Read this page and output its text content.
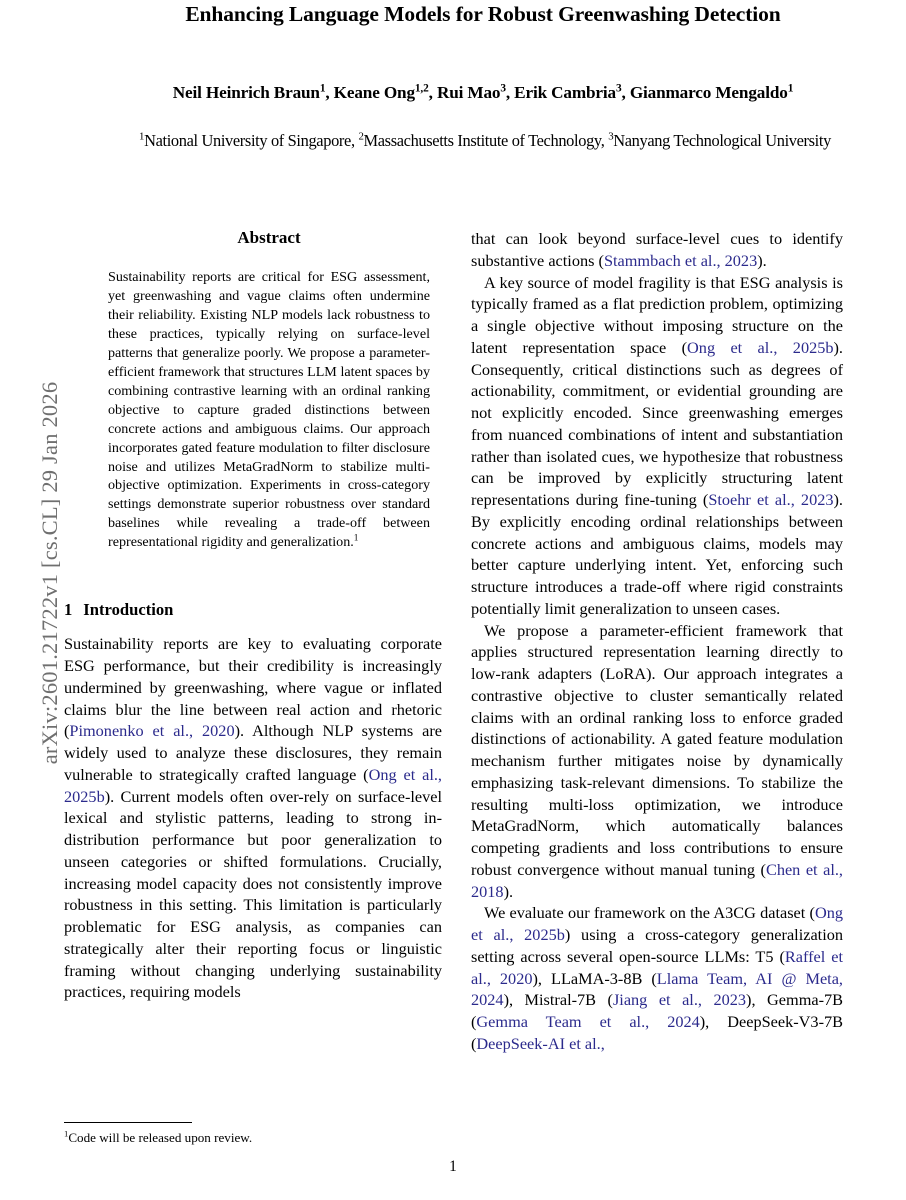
arXiv:2601.21722v1 [cs.CL] 29 Jan 2026
Enhancing Language Models for Robust Greenwashing Detection
Neil Heinrich Braun$^1$, Keane Ong$^{1,2}$, Rui Mao$^3$, Erik Cambria$^3$, Gianmarco Mengaldo$^1$
$^1$National University of Singapore, $^2$Massachusetts Institute of Technology, $^3$Nanyang Technological University
Abstract

Sustainability reports are critical for ESG assessment, yet greenwashing and vague claims often undermine their reliability. Existing NLP models lack robustness to these practices, typically relying on surface-level patterns that generalize poorly. We propose a parameter-efficient framework that structures LLM latent spaces by combining contrastive learning with an ordinal ranking objective to capture graded distinctions between concrete actions and ambiguous claims. Our approach incorporates gated feature modulation to filter disclosure noise and utilizes MetaGradNorm to stabilize multi-objective optimization. Experiments in cross-category settings demonstrate superior robustness over standard baselines while revealing a trade-off between representational rigidity and generalization.$^1$

1 Introduction

Sustainability reports are key to evaluating corporate ESG performance, but their credibility is increasingly undermined by greenwashing, where vague or inflated claims blur the line between real action and rhetoric (Pimonenko et al., 2020). Although NLP systems are widely used to analyze these disclosures, they remain vulnerable to strategically crafted language (Ong et al., 2025b). Current models often over-rely on surface-level lexical and stylistic patterns, leading to strong in-distribution performance but poor generalization to unseen categories or shifted formulations. Crucially, increasing model capacity does not consistently improve robustness in this setting. This limitation is particularly problematic for ESG analysis, as companies can strategically alter their reporting focus or linguistic framing without changing underlying sustainability practices, requiring models

that can look beyond surface-level cues to identify substantive actions (Stammbach et al., 2023).

A key source of model fragility is that ESG analysis is typically framed as a flat prediction problem, optimizing a single objective without imposing structure on the latent representation space (Ong et al., 2025b). Consequently, critical distinctions such as degrees of actionability, commitment, or evidential grounding are not explicitly encoded. Since greenwashing emerges from nuanced combinations of intent and substantiation rather than isolated cues, we hypothesize that robustness can be improved by explicitly structuring latent representations during fine-tuning (Stoehr et al., 2023). By explicitly encoding ordinal relationships between concrete actions and ambiguous claims, models may better capture underlying intent. Yet, enforcing such structure introduces a trade-off where rigid constraints potentially limit generalization to unseen cases.

We propose a parameter-efficient framework that applies structured representation learning directly to low-rank adapters (LoRA). Our approach integrates a contrastive objective to cluster semantically related claims with an ordinal ranking loss to enforce graded distinctions of actionability. A gated feature modulation mechanism further mitigates noise by dynamically emphasizing task-relevant dimensions. To stabilize the resulting multi-loss optimization, we introduce MetaGradNorm, which automatically balances competing gradients and loss contributions to ensure robust convergence without manual tuning (Chen et al., 2018).

We evaluate our framework on the A3CG dataset (Ong et al., 2025b) using a cross-category generalization setting across several open-source LLMs: T5 (Raffel et al., 2020), LLaMA-3-8B (Llama Team, AI @ Meta, 2024), Mistral-7B (Jiang et al., 2023), Gemma-7B (Gemma Team et al., 2024), DeepSeek-V3-7B (DeepSeek-AI et al.,

$^1$Code will be released upon review.

1
